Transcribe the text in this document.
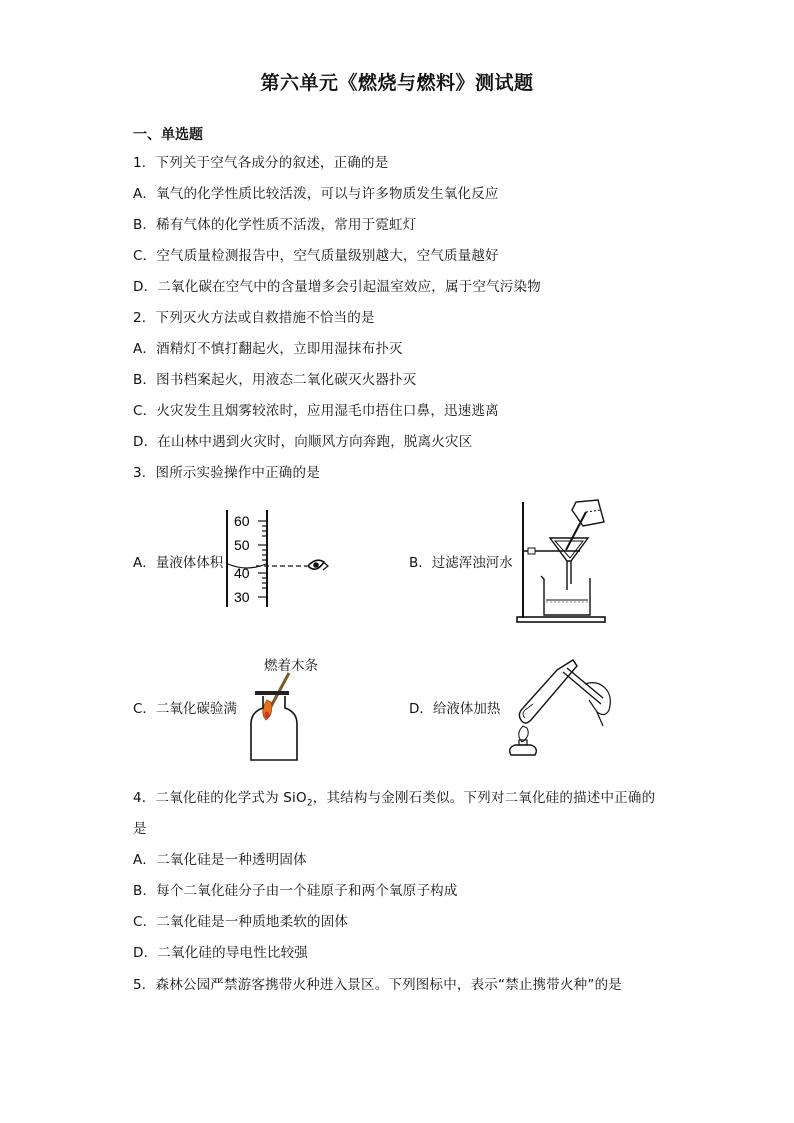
第六单元《燃烧与燃料》测试题
一、单选题
1．下列关于空气各成分的叙述，正确的是
A．氧气的化学性质比较活泼，可以与许多物质发生氧化反应
B．稀有气体的化学性质不活泼，常用于霓虹灯
C．空气质量检测报告中，空气质量级别越大，空气质量越好
D．二氧化碳在空气中的含量增多会引起温室效应，属于空气污染物
2．下列灭火方法或自救措施不恰当的是
A．酒精灯不慎打翻起火，立即用湿抹布扑灭
B．图书档案起火，用液态二氧化碳灭火器扑灭
C．火灾发生且烟雾较浓时，应用湿毛巾捂住口鼻，迅速逃离
D．在山林中遇到火灾时，向顺风方向奔跑，脱离火灾区
3．图所示实验操作中正确的是
A．量液体体积
60
50
40
30
B．过滤浑浊河水
燃着木条
C．二氧化碳验满	D．给液体加热
4．二氧化硅的化学式为 SiO$_2$，其结构与金刚石类似。下列对二氧化硅的描述中正确的
是
A．二氧化硅是一种透明固体
B．每个二氧化硅分子由一个硅原子和两个氧原子构成
C．二氧化硅是一种质地柔软的固体
D．二氧化硅的导电性比较强
5．森林公园严禁游客携带火种进入景区。下列图标中，表示“禁止携带火种”的是
